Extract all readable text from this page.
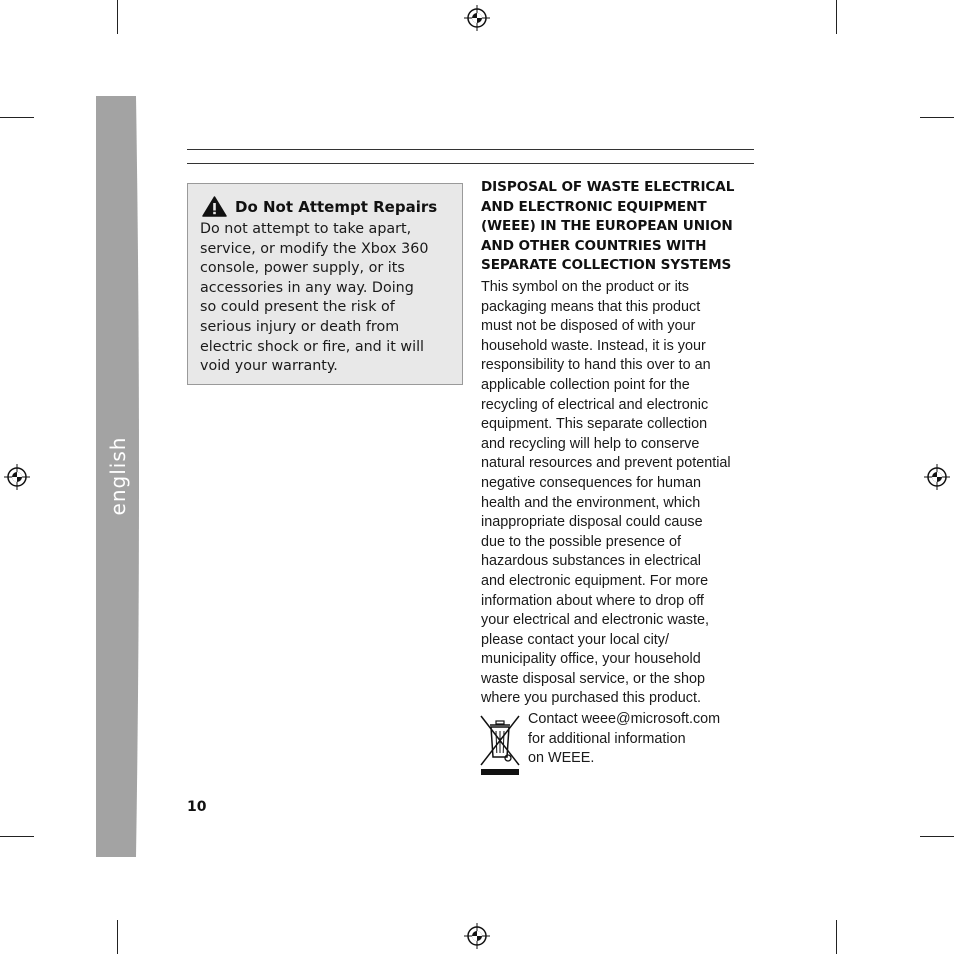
english
Do Not Attempt Repairs
Do not attempt to take apart,
service, or modify the Xbox 360
console, power supply, or its
accessories in any way. Doing
so could present the risk of
serious injury or death from
electric shock or fire, and it will
void your warranty.
DISPOSAL OF WASTE ELECTRICAL
AND ELECTRONIC EQUIPMENT
(WEEE) IN THE EUROPEAN UNION
AND OTHER COUNTRIES WITH
SEPARATE COLLECTION SYSTEMS
This symbol on the product or its
packaging means that this product
must not be disposed of with your
household waste. Instead, it is your
responsibility to hand this over to an
applicable collection point for the
recycling of electrical and electronic
equipment. This separate collection
and recycling will help to conserve
natural resources and prevent potential
negative consequences for human
health and the environment, which
inappropriate disposal could cause
due to the possible presence of
hazardous substances in electrical
and electronic equipment. For more
information about where to drop off
your electrical and electronic waste,
please contact your local city/
municipality office, your household
waste disposal service, or the shop
where you purchased this product.
Contact weee@microsoft.com
for additional information
on WEEE.
10
